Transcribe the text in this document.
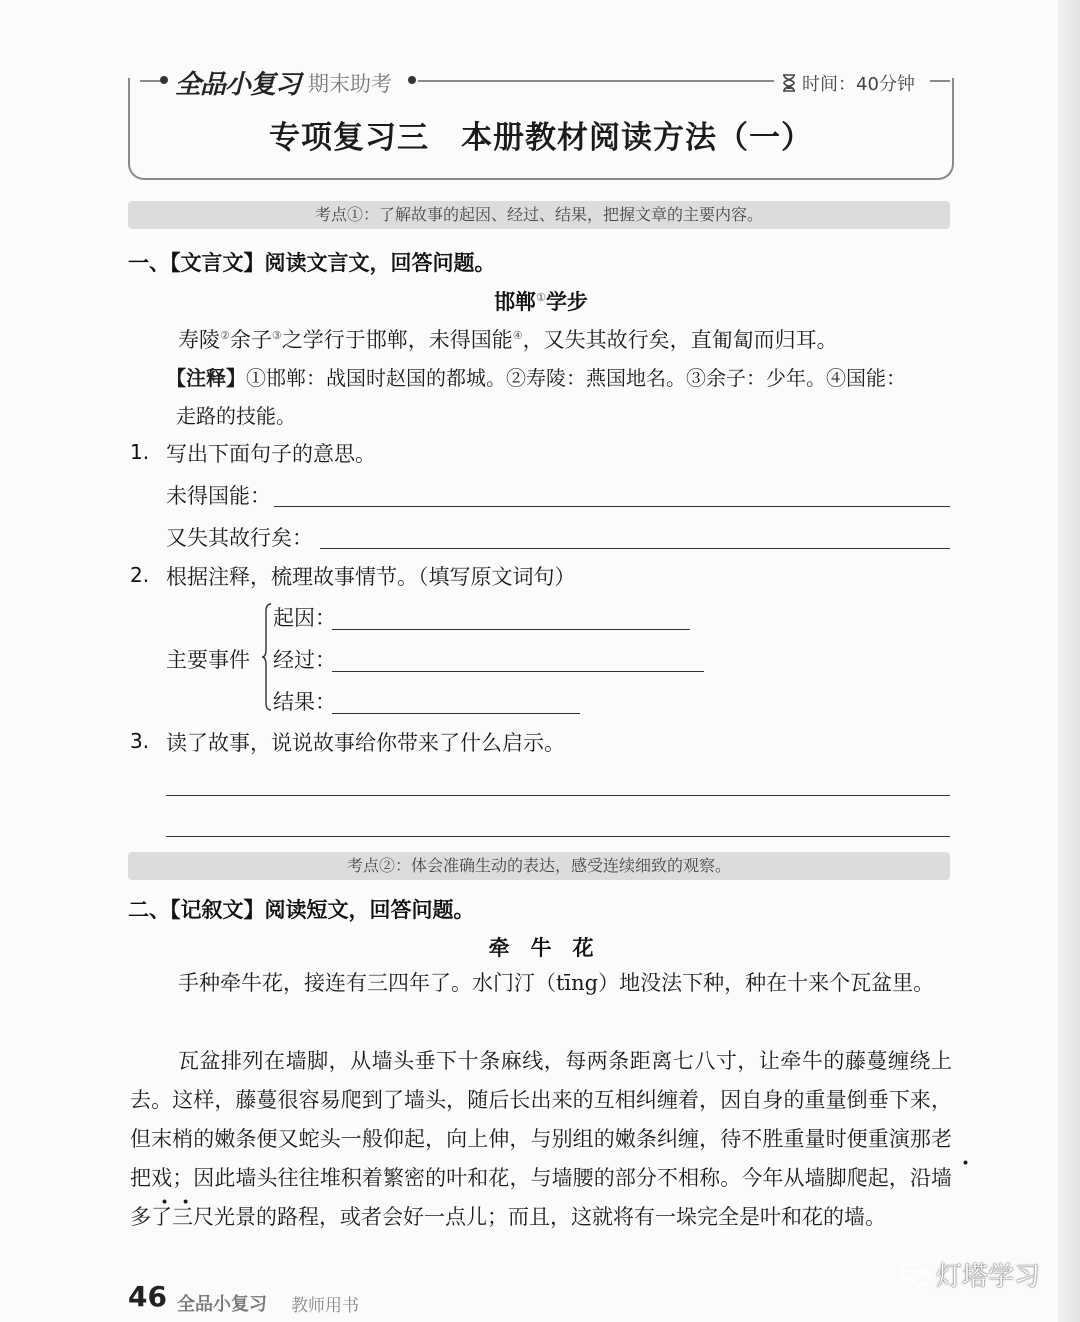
全品小复习 期末助考	时间：40分钟
专项复习三　本册教材阅读方法（一）
考点①：了解故事的起因、经过、结果，把握文章的主要内容。
一、【文言文】阅读文言文，回答问题。
邯郸①学步
寿陵②余子③之学行于邯郸，未得国能④，又失其故行矣，直匍匐而归耳。
【注释】①邯郸：战国时赵国的都城。②寿陵：燕国地名。③余子：少年。④国能：
走路的技能。
1. 写出下面句子的意思。
未得国能：
又失其故行矣：
2. 根据注释，梳理故事情节。（填写原文词句）
主要事件
起因：
经过：
结果：
3. 读了故事，说说故事给你带来了什么启示。
考点②：体会准确生动的表达，感受连续细致的观察。
二、【记叙文】阅读短文，回答问题。
牵　牛　花
手种牵牛花，接连有三四年了。水门汀（tīng）地没法下种，种在十来个瓦盆里。
瓦盆排列在墙脚，从墙头垂下十条麻线，每两条距离七八寸，让牵牛的藤蔓缠绕上去。这样，藤蔓很容易爬到了墙头，随后长出来的互相纠缠着，因自身的重量倒垂下来，但末梢的嫩条便又蛇头一般仰起，向上伸，与别组的嫩条纠缠，待不胜重量时便重演那老把戏；因此墙头往往堆积着繁密的叶和花，与墙腰的部分不相称。今年从墙脚爬起，沿墙多了三尺光景的路程，或者会好一点儿；而且，这就将有一垛完全是叶和花的墙。
46 全品小复习 教师用书
灯塔学习
